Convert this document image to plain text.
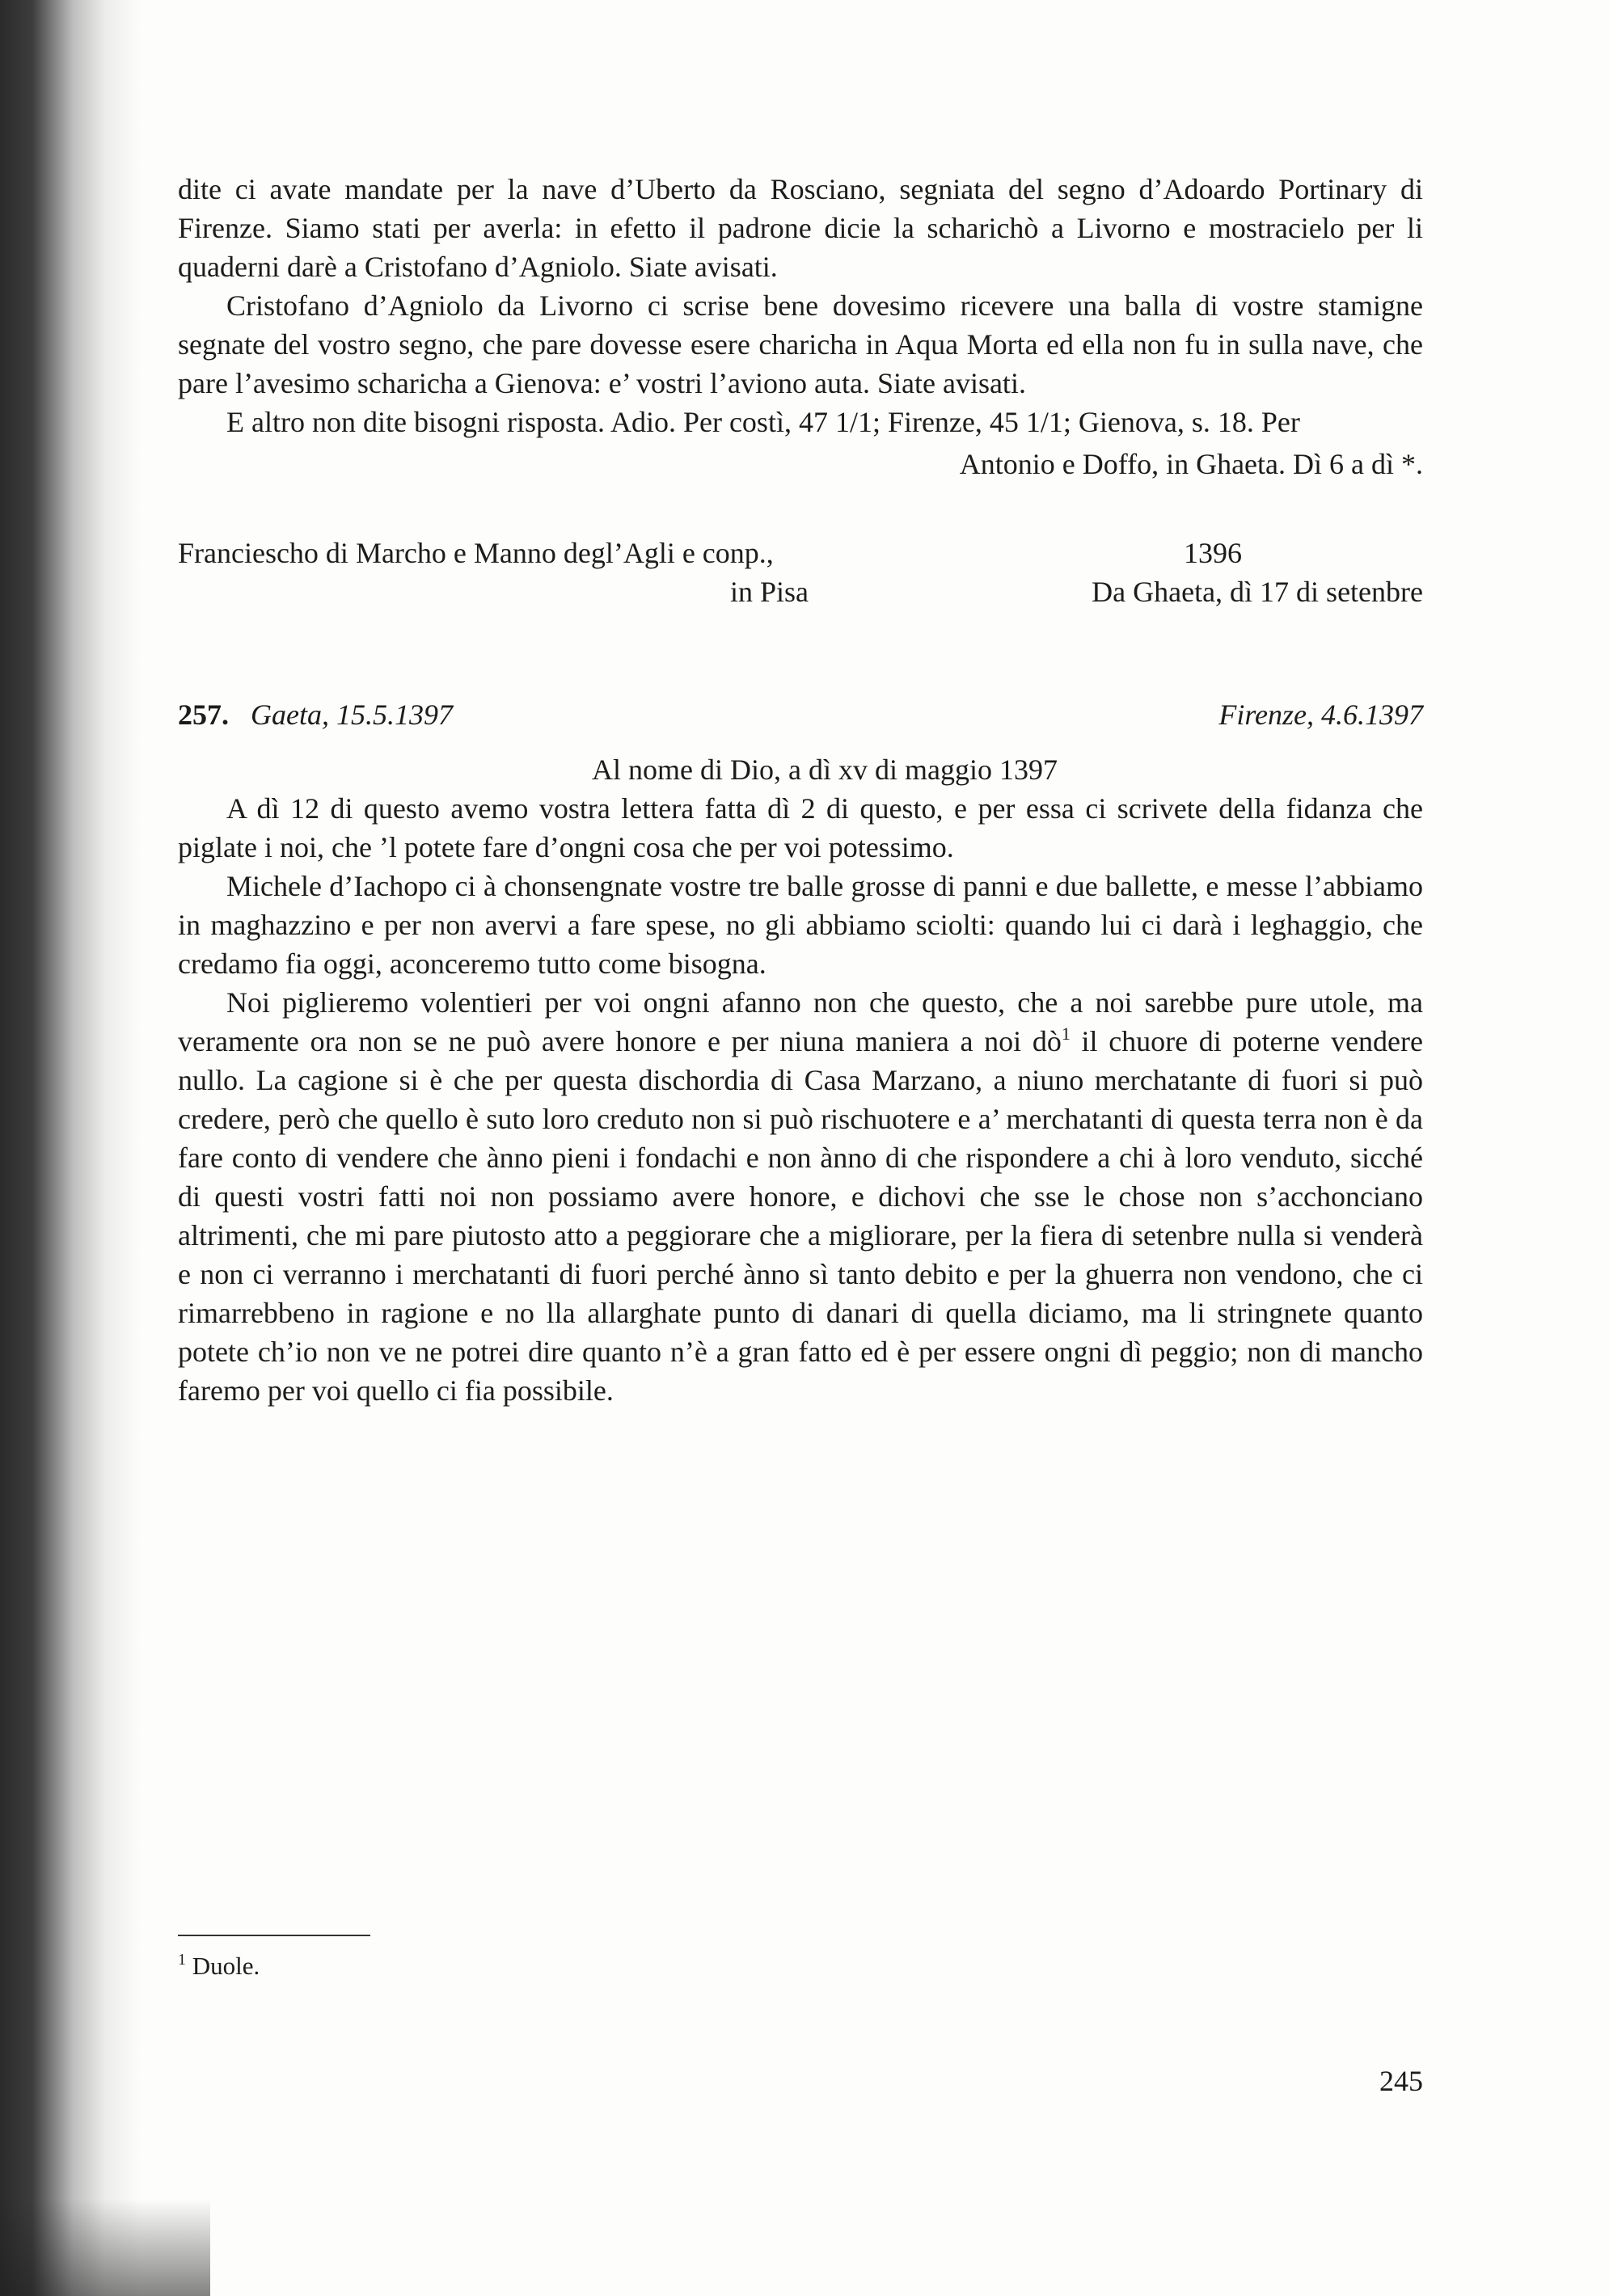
dite ci avate mandate per la nave d’Uberto da Rosciano, segniata del segno d’Adoardo Portinary di Firenze. Siamo stati per averla: in efetto il padrone dicie la scharichò a Livorno e mostracielo per li quaderni darè a Cristofano d’Agniolo. Siate avisati.

Cristofano d’Agniolo da Livorno ci scrise bene dovesimo ricevere una balla di vostre stamigne segnate del vostro segno, che pare dovesse esere charicha in Aqua Morta ed ella non fu in sulla nave, che pare l’avesimo scharicha a Gienova: e’ vostri l’aviono auta. Siate avisati.

E altro non dite bisogni risposta. Adio. Per costì, 47 1/1; Firenze, 45 1/1; Gienova, s. 18. Per

Antonio e Doffo, in Ghaeta. Dì 6 a dì *.
Franciescho di Marcho e Manno degl’Agli e conp.,	1396
in Pisa	Da Ghaeta, dì 17 di setenbre
257. Gaeta, 15.5.1397	Firenze, 4.6.1397
Al nome di Dio, a dì xv di maggio 1397

A dì 12 di questo avemo vostra lettera fatta dì 2 di questo, e per essa ci scrivete della fidanza che piglate i noi, che ’l potete fare d’ongni cosa che per voi potessimo.

Michele d’Iachopo ci à chonsengnate vostre tre balle grosse di panni e due ballette, e messe l’abbiamo in maghazzino e per non avervi a fare spese, no gli abbiamo sciolti: quando lui ci darà i leghaggio, che credamo fia oggi, aconceremo tutto come bisogna.

Noi piglieremo volentieri per voi ongni afanno non che questo, che a noi sarebbe pure utole, ma veramente ora non se ne può avere honore e per niuna maniera a noi $dò^1$ il chuore di poterne vendere nullo. La cagione si è che per questa dischordia di Casa Marzano, a niuno merchatante di fuori si può credere, però che quello è suto loro creduto non si può rischuotere e a’ merchatanti di questa terra non è da fare conto di vendere che ànno pieni i fondachi e non ànno di che rispondere a chi à loro venduto, sicché di questi vostri fatti noi non possiamo avere honore, e dichovi che sse le chose non s’acchonciano altrimenti, che mi pare piutosto atto a peggiorare che a migliorare, per la fiera di setenbre nulla si venderà e non ci verranno i merchatanti di fuori perché ànno sì tanto debito e per la ghuerra non vendono, che ci rimarrebbeno in ragione e no lla allarghate punto di danari di quella diciamo, ma li stringnete quanto potete ch’io non ve ne potrei dire quanto n’è a gran fatto ed è per essere ongni dì peggio; non di mancho faremo per voi quello ci fia possibile.

$^1$ Duole.
245
